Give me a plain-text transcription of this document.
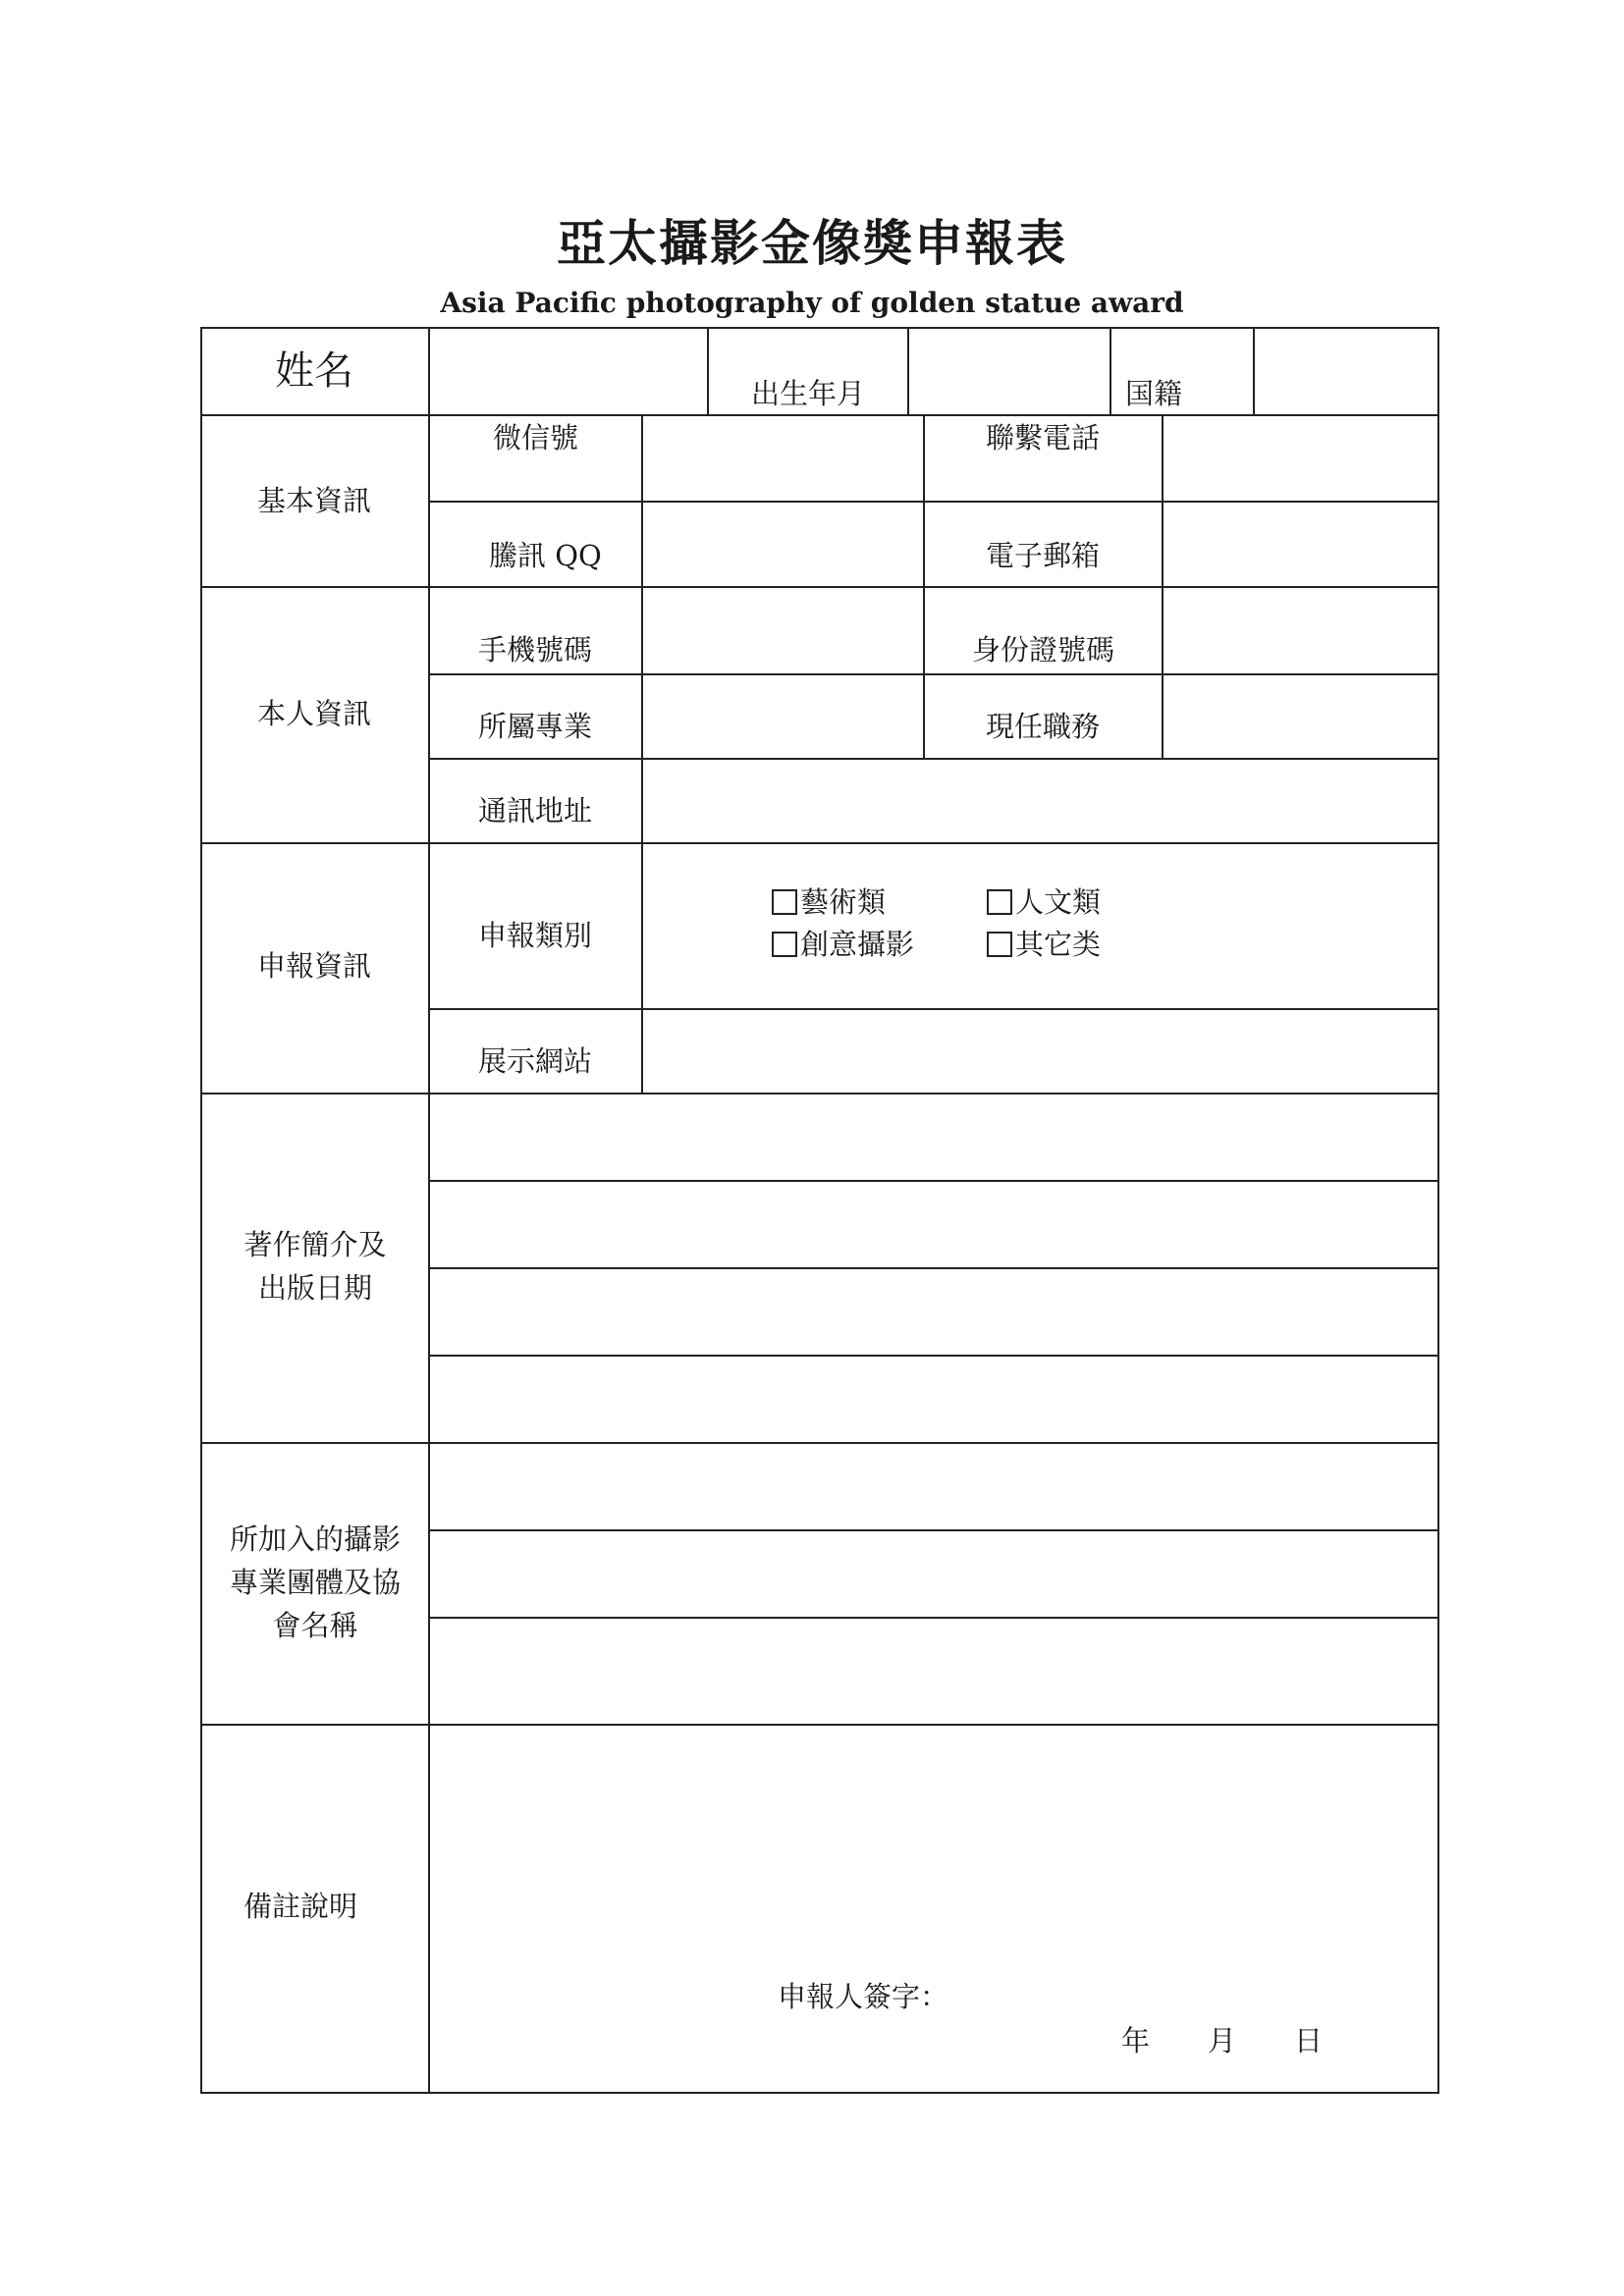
亞太攝影金像獎申報表
Asia Pacific photography of golden statue award
姓名	出生年月	国籍
基本資訊
微信號	聯繫電話
騰訊 QQ	電子郵箱
本人資訊
手機號碼	身份證號碼
所屬專業	現任職務
通訊地址
申報資訊
申報類別
藝術類	人文類
創意攝影	其它类
展示網站
著作簡介及
出版日期
所加入的攝影
專業團體及協
會名稱
備註說明
申報人簽字：
年 月 日
